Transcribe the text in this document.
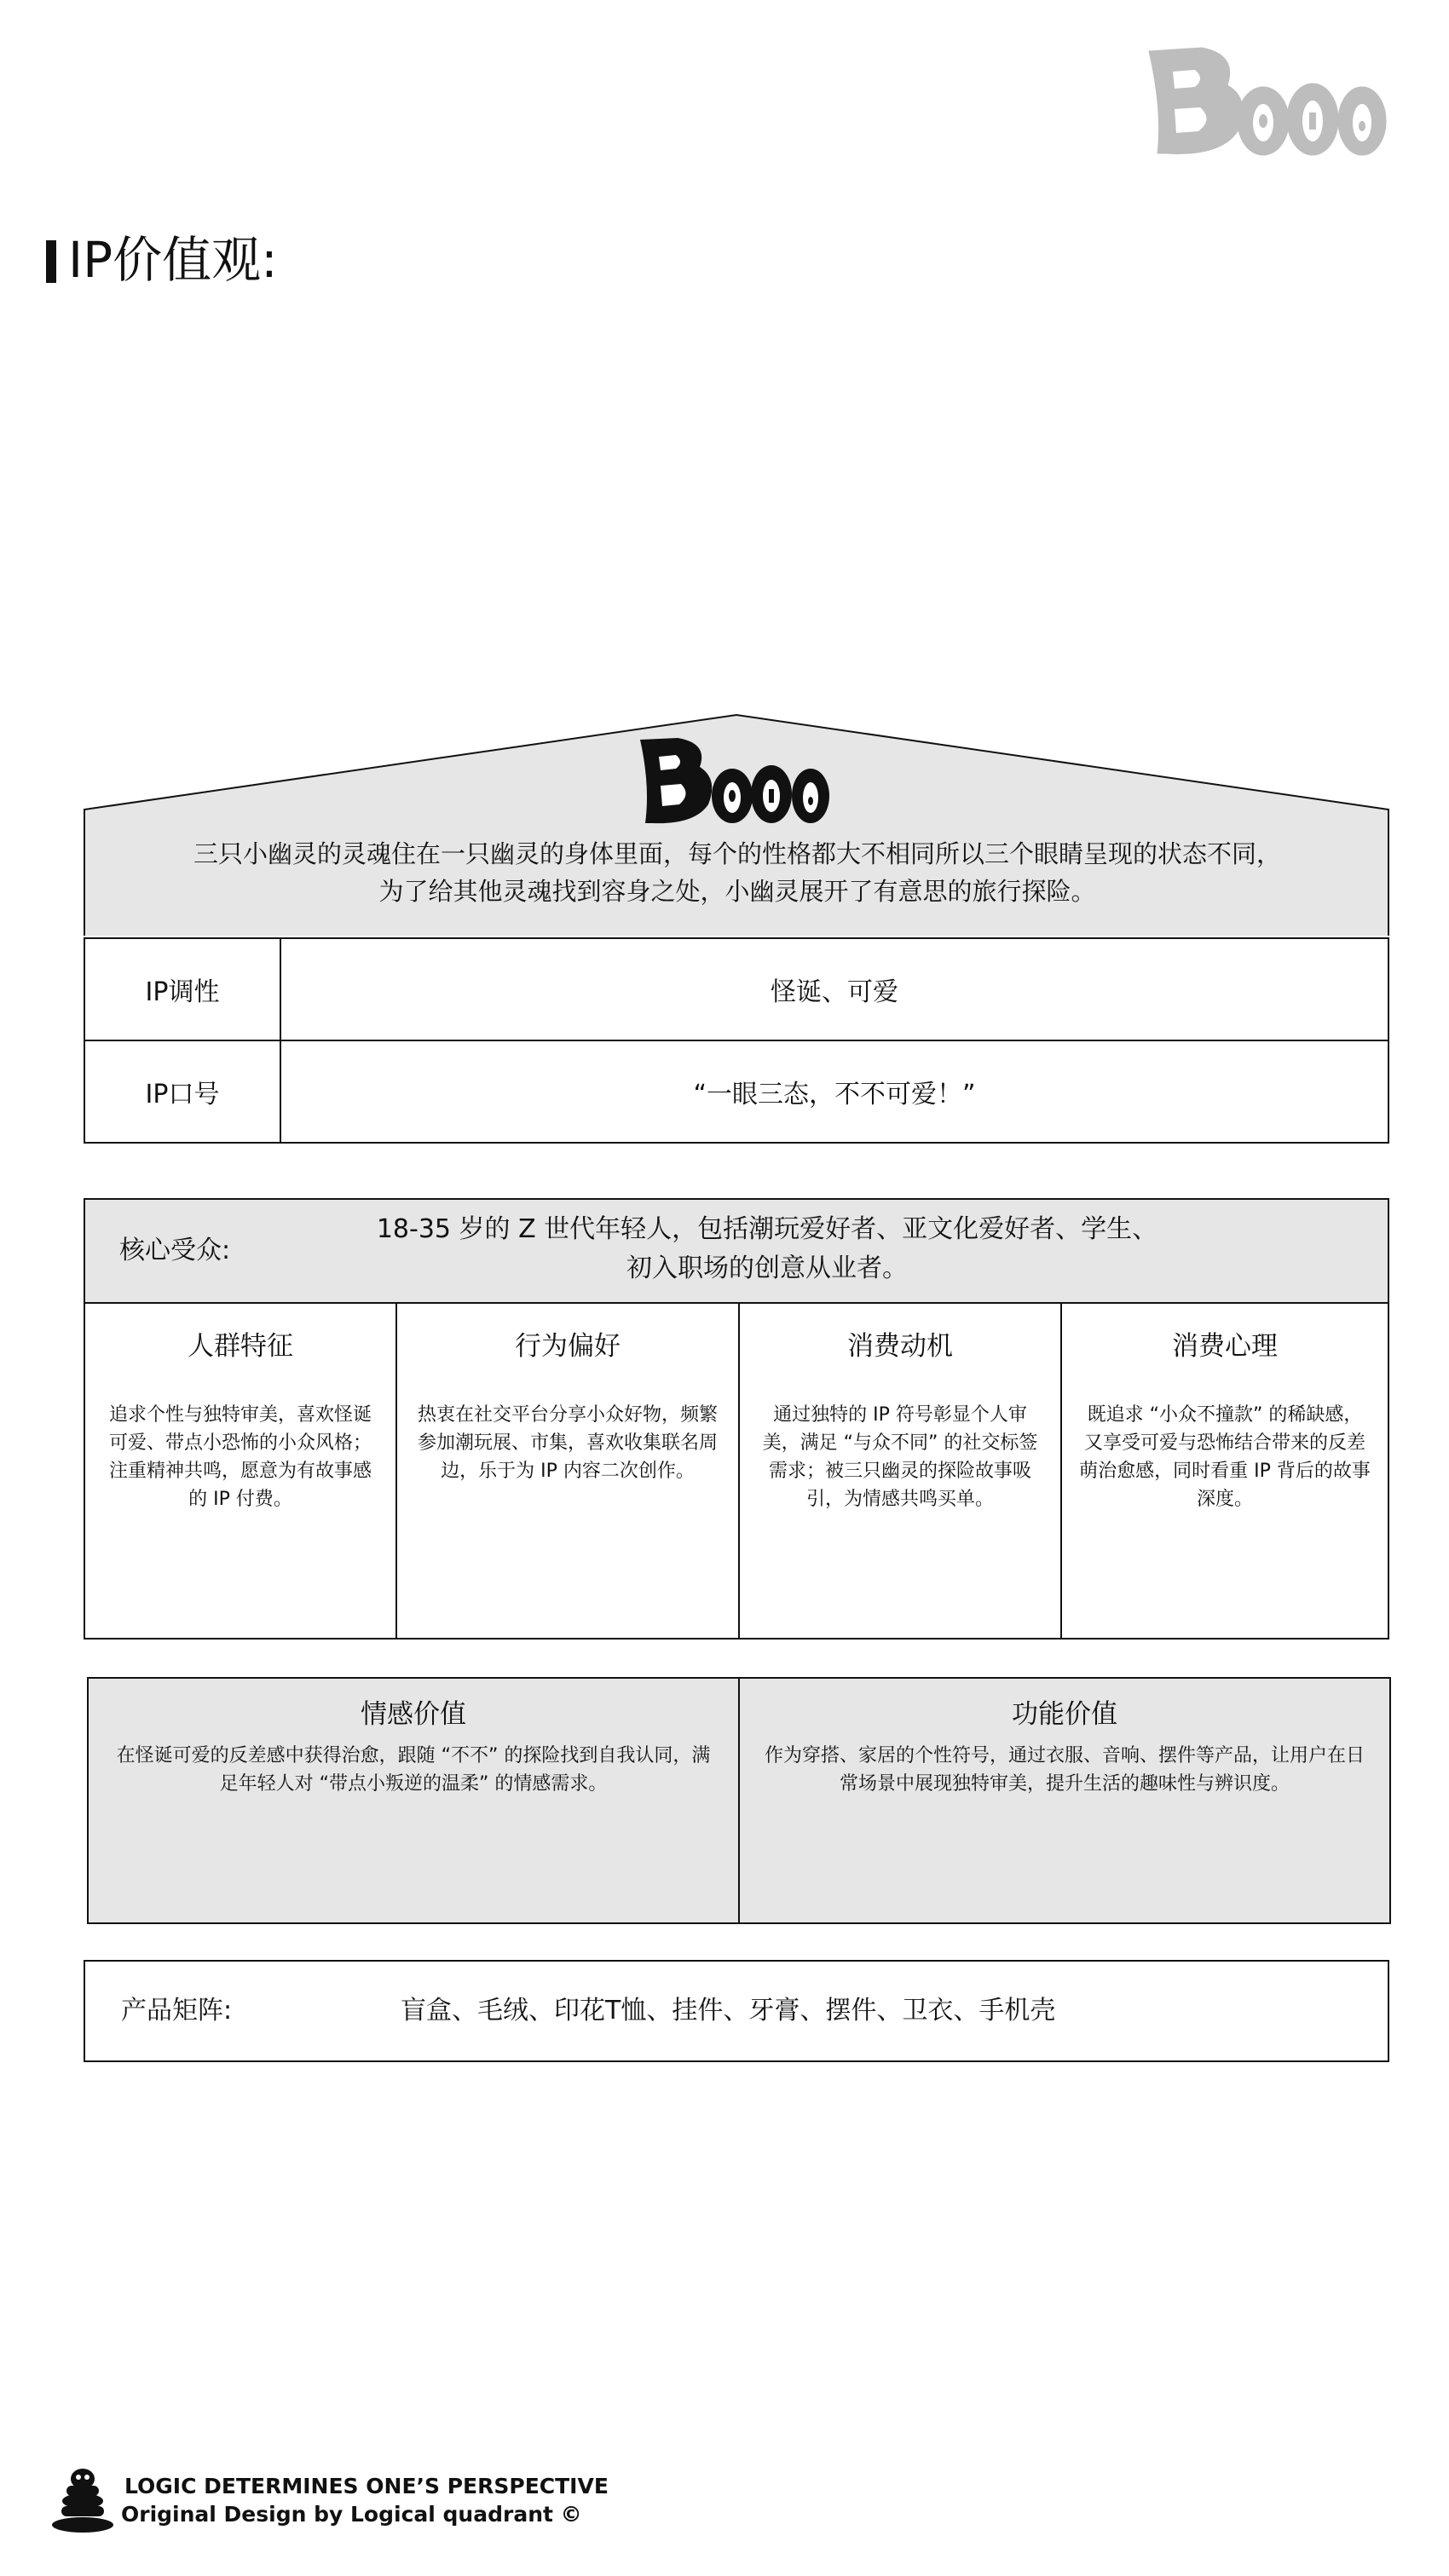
IP价值观:
三只小幽灵的灵魂住在一只幽灵的身体里面，每个的性格都大不相同所以三个眼睛呈现的状态不同，
为了给其他灵魂找到容身之处，小幽灵展开了有意思的旅行探险。
IP调性	怪诞、可爱
IP口号	“一眼三态，不不可爱！”
核心受众:
18-35 岁的 Z 世代年轻人，包括潮玩爱好者、亚文化爱好者、学生、
初入职场的创意从业者。
人群特征
追求个性与独特审美，喜欢怪诞可爱、带点小恐怖的小众风格；注重精神共鸣，愿意为有故事感的 IP 付费。
行为偏好
热衷在社交平台分享小众好物，频繁参加潮玩展、市集，喜欢收集联名周边，乐于为 IP 内容二次创作。
消费动机
通过独特的 IP 符号彰显个人审美，满足 “与众不同” 的社交标签需求；被三只幽灵的探险故事吸引，为情感共鸣买单。
消费心理
既追求 “小众不撞款” 的稀缺感，又享受可爱与恐怖结合带来的反差萌治愈感，同时看重 IP 背后的故事深度。
情感价值
在怪诞可爱的反差感中获得治愈，跟随 “不不” 的探险找到自我认同，满足年轻人对 “带点小叛逆的温柔” 的情感需求。
功能价值
作为穿搭、家居的个性符号，通过衣服、音响、摆件等产品，让用户在日常场景中展现独特审美，提升生活的趣味性与辨识度。
产品矩阵:	盲盒、毛绒、印花T恤、挂件、牙膏、摆件、卫衣、手机壳
LOGIC DETERMINES ONE’S PERSPECTIVE
Original Design by Logical quadrant ©
